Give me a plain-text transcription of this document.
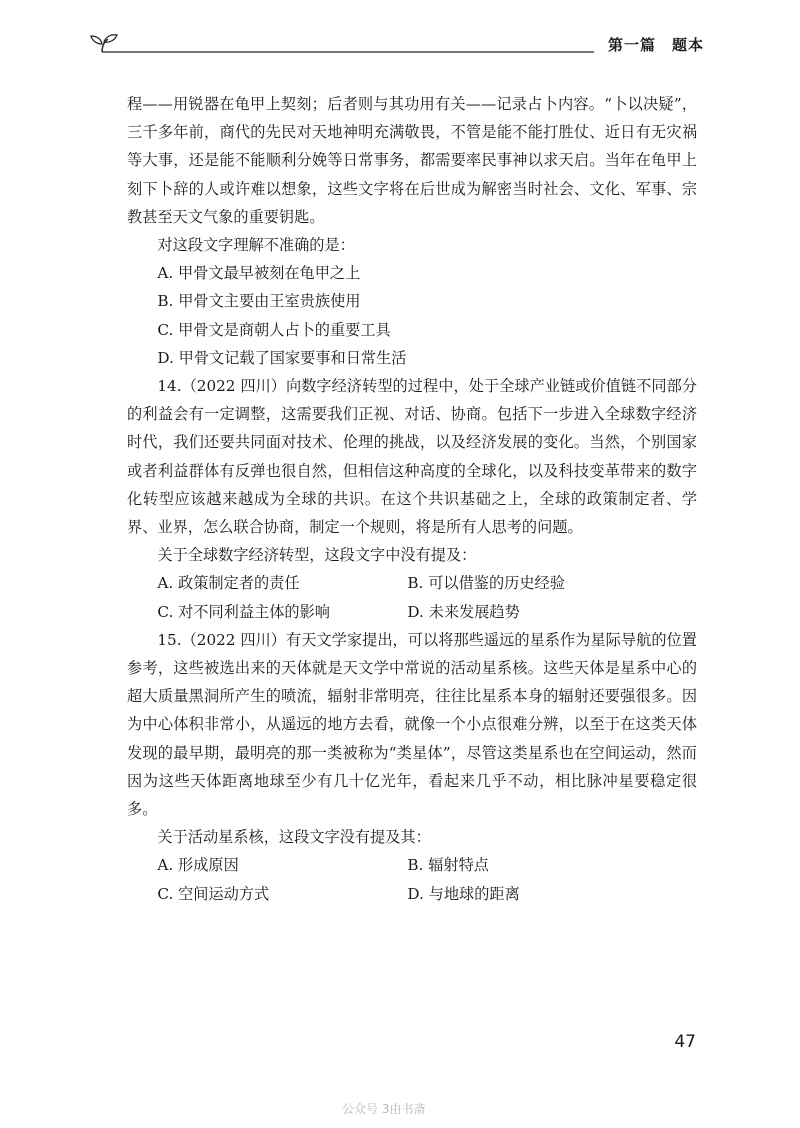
第一篇　题本

程——用锐器在龟甲上契刻；后者则与其功用有关——记录占卜内容。“卜以决疑”，三千多年前，商代的先民对天地神明充满敬畏，不管是能不能打胜仗、近日有无灾祸等大事，还是能不能顺利分娩等日常事务，都需要率民事神以求天启。当年在龟甲上刻下卜辞的人或许难以想象，这些文字将在后世成为解密当时社会、文化、军事、宗教甚至天文气象的重要钥匙。

对这段文字理解不准确的是：

A. 甲骨文最早被刻在龟甲之上

B. 甲骨文主要由王室贵族使用

C. 甲骨文是商朝人占卜的重要工具

D. 甲骨文记载了国家要事和日常生活

14.（2022 四川）向数字经济转型的过程中，处于全球产业链或价值链不同部分的利益会有一定调整，这需要我们正视、对话、协商。包括下一步进入全球数字经济时代，我们还要共同面对技术、伦理的挑战，以及经济发展的变化。当然，个别国家或者利益群体有反弹也很自然，但相信这种高度的全球化，以及科技变革带来的数字化转型应该越来越成为全球的共识。在这个共识基础之上，全球的政策制定者、学界、业界，怎么联合协商，制定一个规则，将是所有人思考的问题。

关于全球数字经济转型，这段文字中没有提及：

A. 政策制定者的责任	B. 可以借鉴的历史经验
C. 对不同利益主体的影响	D. 未来发展趋势

15.（2022 四川）有天文学家提出，可以将那些遥远的星系作为星际导航的位置参考，这些被选出来的天体就是天文学中常说的活动星系核。这些天体是星系中心的超大质量黑洞所产生的喷流，辐射非常明亮，往往比星系本身的辐射还要强很多。因为中心体积非常小，从遥远的地方去看，就像一个小点很难分辨，以至于在这类天体发现的最早期，最明亮的那一类被称为“类星体”，尽管这类星系也在空间运动，然而因为这些天体距离地球至少有几十亿光年，看起来几乎不动，相比脉冲星要稳定很多。

关于活动星系核，这段文字没有提及其：

A. 形成原因	B. 辐射特点
C. 空间运动方式	D. 与地球的距离
47
公众号 3由书斋
